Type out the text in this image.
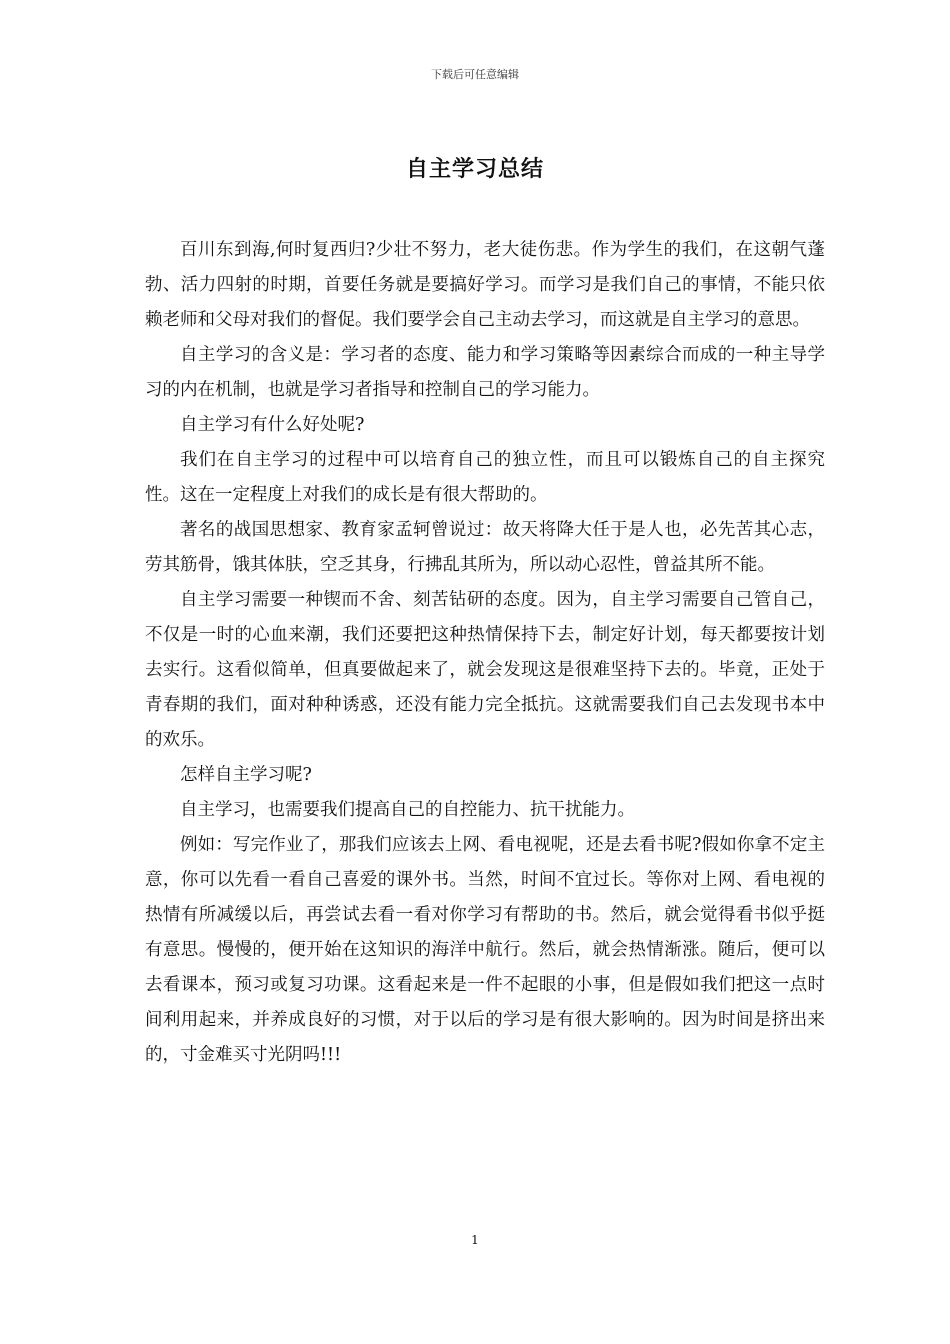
下载后可任意编辑
自主学习总结

百川东到海,何时复西归?少壮不努力，老大徒伤悲。作为学生的我们，在这朝气蓬勃、活力四射的时期，首要任务就是要搞好学习。而学习是我们自己的事情，不能只依赖老师和父母对我们的督促。我们要学会自己主动去学习，而这就是自主学习的意思。

自主学习的含义是：学习者的态度、能力和学习策略等因素综合而成的一种主导学习的内在机制，也就是学习者指导和控制自己的学习能力。

自主学习有什么好处呢?

我们在自主学习的过程中可以培育自己的独立性，而且可以锻炼自己的自主探究性。这在一定程度上对我们的成长是有很大帮助的。

著名的战国思想家、教育家孟轲曾说过：故天将降大任于是人也，必先苦其心志，劳其筋骨，饿其体肤，空乏其身，行拂乱其所为，所以动心忍性，曾益其所不能。

自主学习需要一种锲而不舍、刻苦钻研的态度。因为，自主学习需要自己管自己，不仅是一时的心血来潮，我们还要把这种热情保持下去，制定好计划，每天都要按计划去实行。这看似简单，但真要做起来了，就会发现这是很难坚持下去的。毕竟，正处于青春期的我们，面对种种诱惑，还没有能力完全抵抗。这就需要我们自己去发现书本中的欢乐。

怎样自主学习呢?

自主学习，也需要我们提高自己的自控能力、抗干扰能力。

例如：写完作业了，那我们应该去上网、看电视呢，还是去看书呢?假如你拿不定主意，你可以先看一看自己喜爱的课外书。当然，时间不宜过长。等你对上网、看电视的热情有所减缓以后，再尝试去看一看对你学习有帮助的书。然后，就会觉得看书似乎挺有意思。慢慢的，便开始在这知识的海洋中航行。然后，就会热情渐涨。随后，便可以去看课本，预习或复习功课。这看起来是一件不起眼的小事，但是假如我们把这一点时间利用起来，并养成良好的习惯，对于以后的学习是有很大影响的。因为时间是挤出来的，寸金难买寸光阴吗!!!

1
